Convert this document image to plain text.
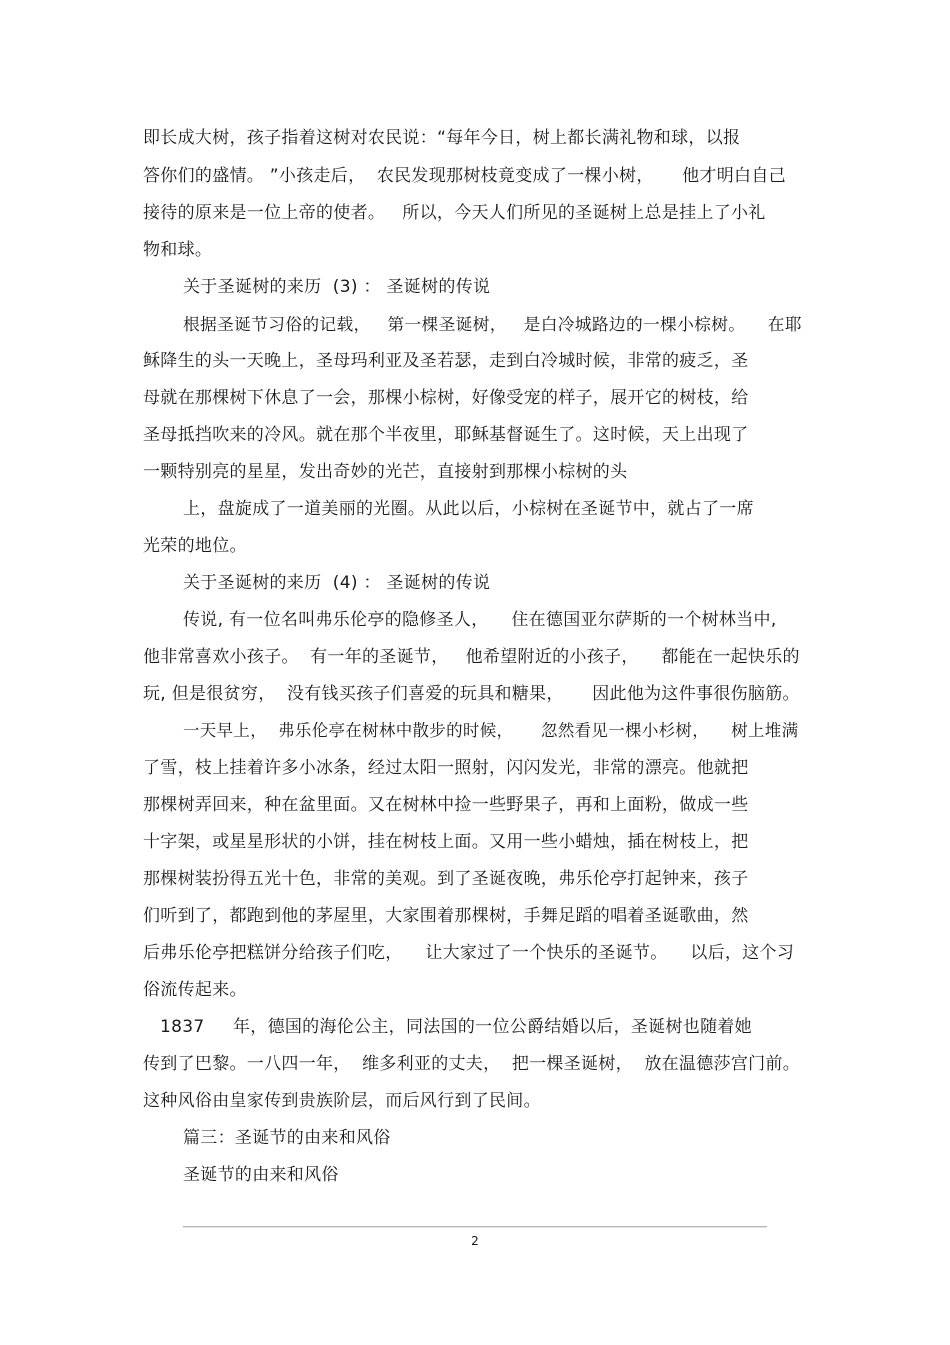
即长成大树，孩子指着这树对农民说：“每年今日，树上都长满礼物和球，以报
答你们的盛情。 ”小孩走后，  农民发现那树枝竟变成了一棵小树，     他才明白自己
接待的原来是一位上帝的使者。   所以，今天人们所见的圣诞树上总是挂上了小礼
物和球。
关于圣诞树的来历  (3) ： 圣诞树的传说
根据圣诞节习俗的记载，   第一棵圣诞树，   是白冷城路边的一棵小棕树。    在耶
稣降生的头一天晚上，圣母玛利亚及圣若瑟，走到白冷城时候，非常的疲乏，圣
母就在那棵树下休息了一会，那棵小棕树，好像受宠的样子，展开它的树枝，给
圣母抵挡吹来的冷风。就在那个半夜里，耶稣基督诞生了。这时候，天上出现了
一颗特别亮的星星，发出奇妙的光芒，直接射到那棵小棕树的头
上，盘旋成了一道美丽的光圈。从此以后，小棕树在圣诞节中，就占了一席
光荣的地位。
关于圣诞树的来历  (4) ： 圣诞树的传说
传说, 有一位名叫弗乐伦亭的隐修圣人，    住在德国亚尔萨斯的一个树林当中,
他非常喜欢小孩子。  有一年的圣诞节，   他希望附近的小孩子，    都能在一起快乐的
玩, 但是很贫穷，  没有钱买孩子们喜爱的玩具和糖果，     因此他为这件事很伤脑筋。
一天早上，  弗乐伦亭在树林中散步的时候，     忽然看见一棵小杉树，    树上堆满
了雪，枝上挂着许多小冰条，经过太阳一照射，闪闪发光，非常的漂亮。他就把
那棵树弄回来，种在盆里面。又在树林中捡一些野果子，再和上面粉，做成一些
十字架，或星星形状的小饼，挂在树枝上面。又用一些小蜡烛，插在树枝上，把
那棵树装扮得五光十色，非常的美观。到了圣诞夜晚，弗乐伦亭打起钟来，孩子
们听到了，都跑到他的茅屋里，大家围着那棵树，手舞足蹈的唱着圣诞歌曲，然
后弗乐伦亭把糕饼分给孩子们吃，    让大家过了一个快乐的圣诞节。    以后，这个习
俗流传起来。
1837     年，德国的海伦公主，同法国的一位公爵结婚以后，圣诞树也随着她
传到了巴黎。一八四一年，  维多利亚的丈夫，  把一棵圣诞树，  放在温德莎宫门前。
这种风俗由皇家传到贵族阶层，而后风行到了民间。
篇三：圣诞节的由来和风俗
圣诞节的由来和风俗
2
